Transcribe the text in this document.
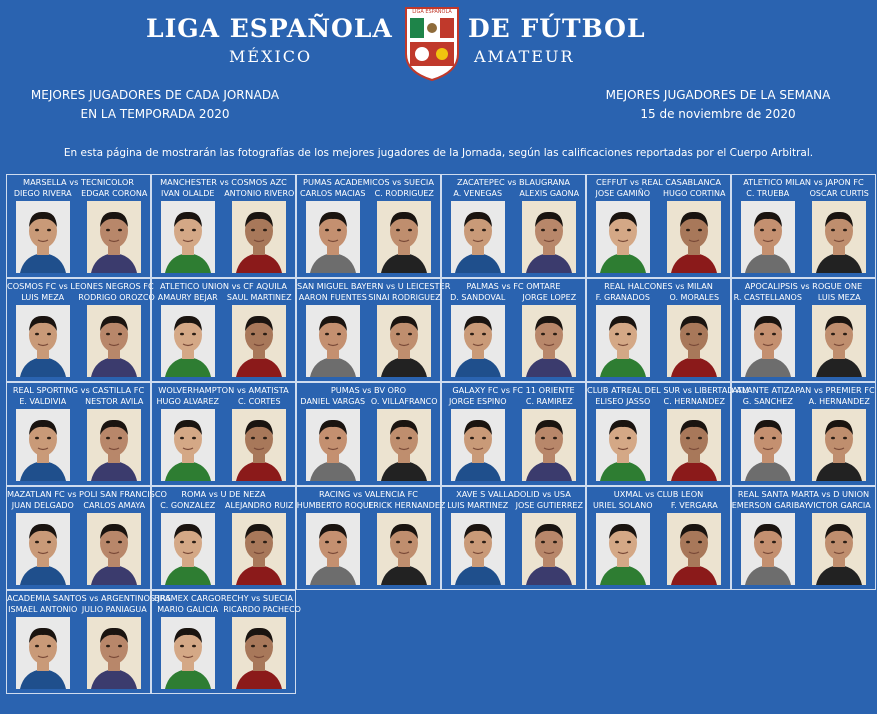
LIGA ESPAÑOLA	DE FÚTBOL
MÉXICO	AMATEUR
LIGA ESPAÑOLA
MEJORES JUGADORES DE CADA JORNADA
EN LA TEMPORADA 2020
MEJORES JUGADORES DE LA SEMANA
15 de noviembre de 2020
En esta página de mostrarán las fotografías de los mejores jugadores de la Jornada, según las calificaciones reportadas por el Cuerpo Arbitral.
MARSELLA vs TECNICOLOR
DIEGO RIVERA EDGAR CORONA
MANCHESTER vs COSMOS AZC
IVAN OLALDE ANTONIO RIVERO
PUMAS ACADEMICOS vs SUECIA
CARLOS MACIAS C. RODRIGUEZ
ZACATEPEC vs BLAUGRANA
A. VENEGAS ALEXIS GAONA
CEFFUT vs REAL CASABLANCA
JOSE GAMIÑO HUGO CORTINA
ATLETICO MILAN vs JAPON FC
C. TRUEBA	OSCAR CURTIS
COSMOS FC vs LEONES NEGROS FC
LUIS MEZA RODRIGO OROZCO
ATLETICO UNION vs CF AQUILA
AMAURY BEJAR SAUL MARTINEZ
SAN MIGUEL BAYERN vs U LEICESTER
AARON FUENTES SINAI RODRIGUEZ
PALMAS vs FC OMTARE
D. SANDOVAL JORGE LOPEZ
REAL HALCONES vs MILAN
F. GRANADOS O. MORALES
APOCALIPSIS vs ROGUE ONE
R. CASTELLANOS LUIS MEZA
REAL SPORTING vs CASTILLA FC
E. VALDIVIA NESTOR AVILA
WOLVERHAMPTON vs AMATISTA
HUGO ALVAREZ C. CORTES
PUMAS vs BV ORO
DANIEL VARGAS O. VILLAFRANCO
GALAXY FC vs FC 11 ORIENTE
JORGE ESPINO C. RAMIREZ
CLUB ATREAL DEL SUR vs LIBERTAD AM
ELISEO JASSO C. HERNANDEZ
ATLANTE ATIZAPAN vs PREMIER FC
G. SANCHEZ A. HERNANDEZ
MAZATLAN FC vs POLI SAN FRANCISCO
JUAN DELGADO CARLOS AMAYA
ROMA vs U DE NEZA
C. GONZALEZ ALEJANDRO RUIZ
RACING vs VALENCIA FC
HUMBERTO ROQUE
ERICK HERNANDEZ
XAVE S VALLADOLID vs USA
LUIS MARTINEZ JOSE GUTIERREZ
UXMAL vs CLUB LEON
URIEL SOLANO F. VERGARA
REAL SANTA MARTA vs D UNION
EMERSON GARIBAY
VICTOR GARCIA
ACADEMIA SANTOS vs ARGENTINOS JRS
ISMAEL ANTONIO JULIO PANIAGUA
BRAMEX CARGORECHY vs SUECIA
MARIO GALICIA RICARDO PACHECO
